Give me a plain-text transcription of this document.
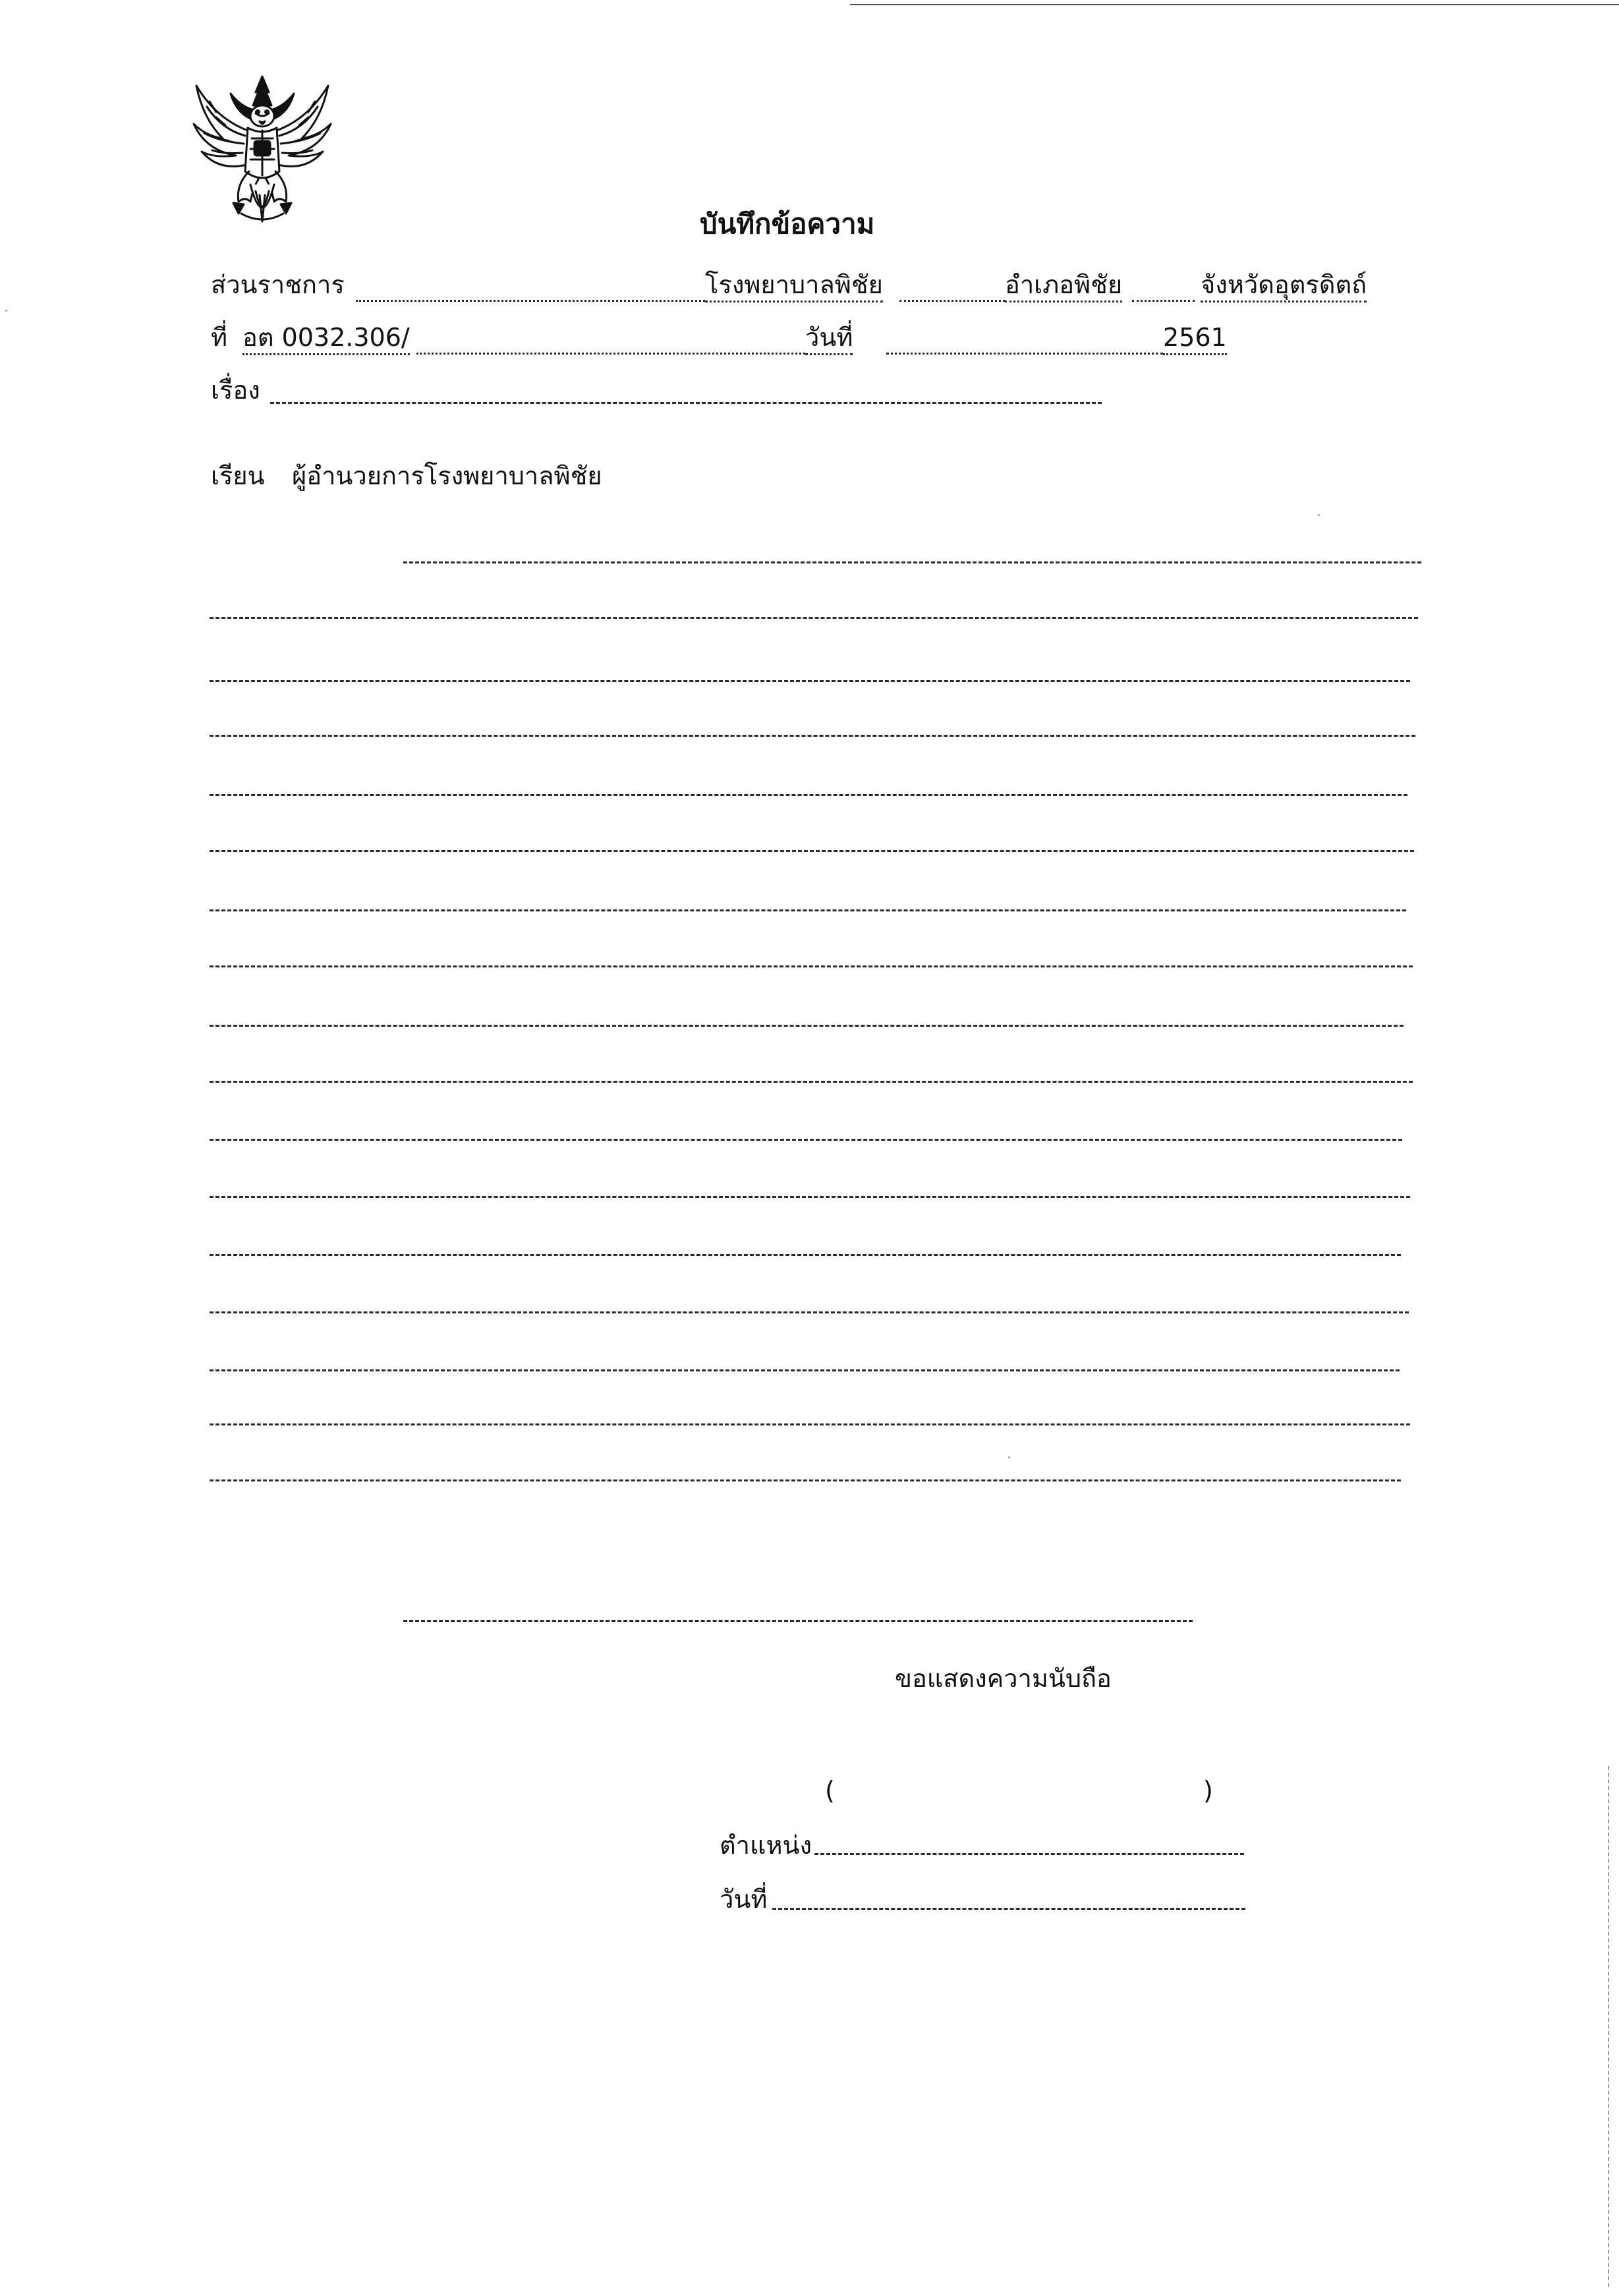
บันทึกข้อความ
ส่วนราชการ	โรงพยาบาลพิชัย	อำเภอพิชัย	จังหวัดอุตรดิตถ์
ที่ อต 0032.306/	วันที่	2561
เรื่อง
เรียน ผู้อำนวยการโรงพยาบาลพิชัย
ขอแสดงความนับถือ
(	)
ตำแหน่ง
วันที่
